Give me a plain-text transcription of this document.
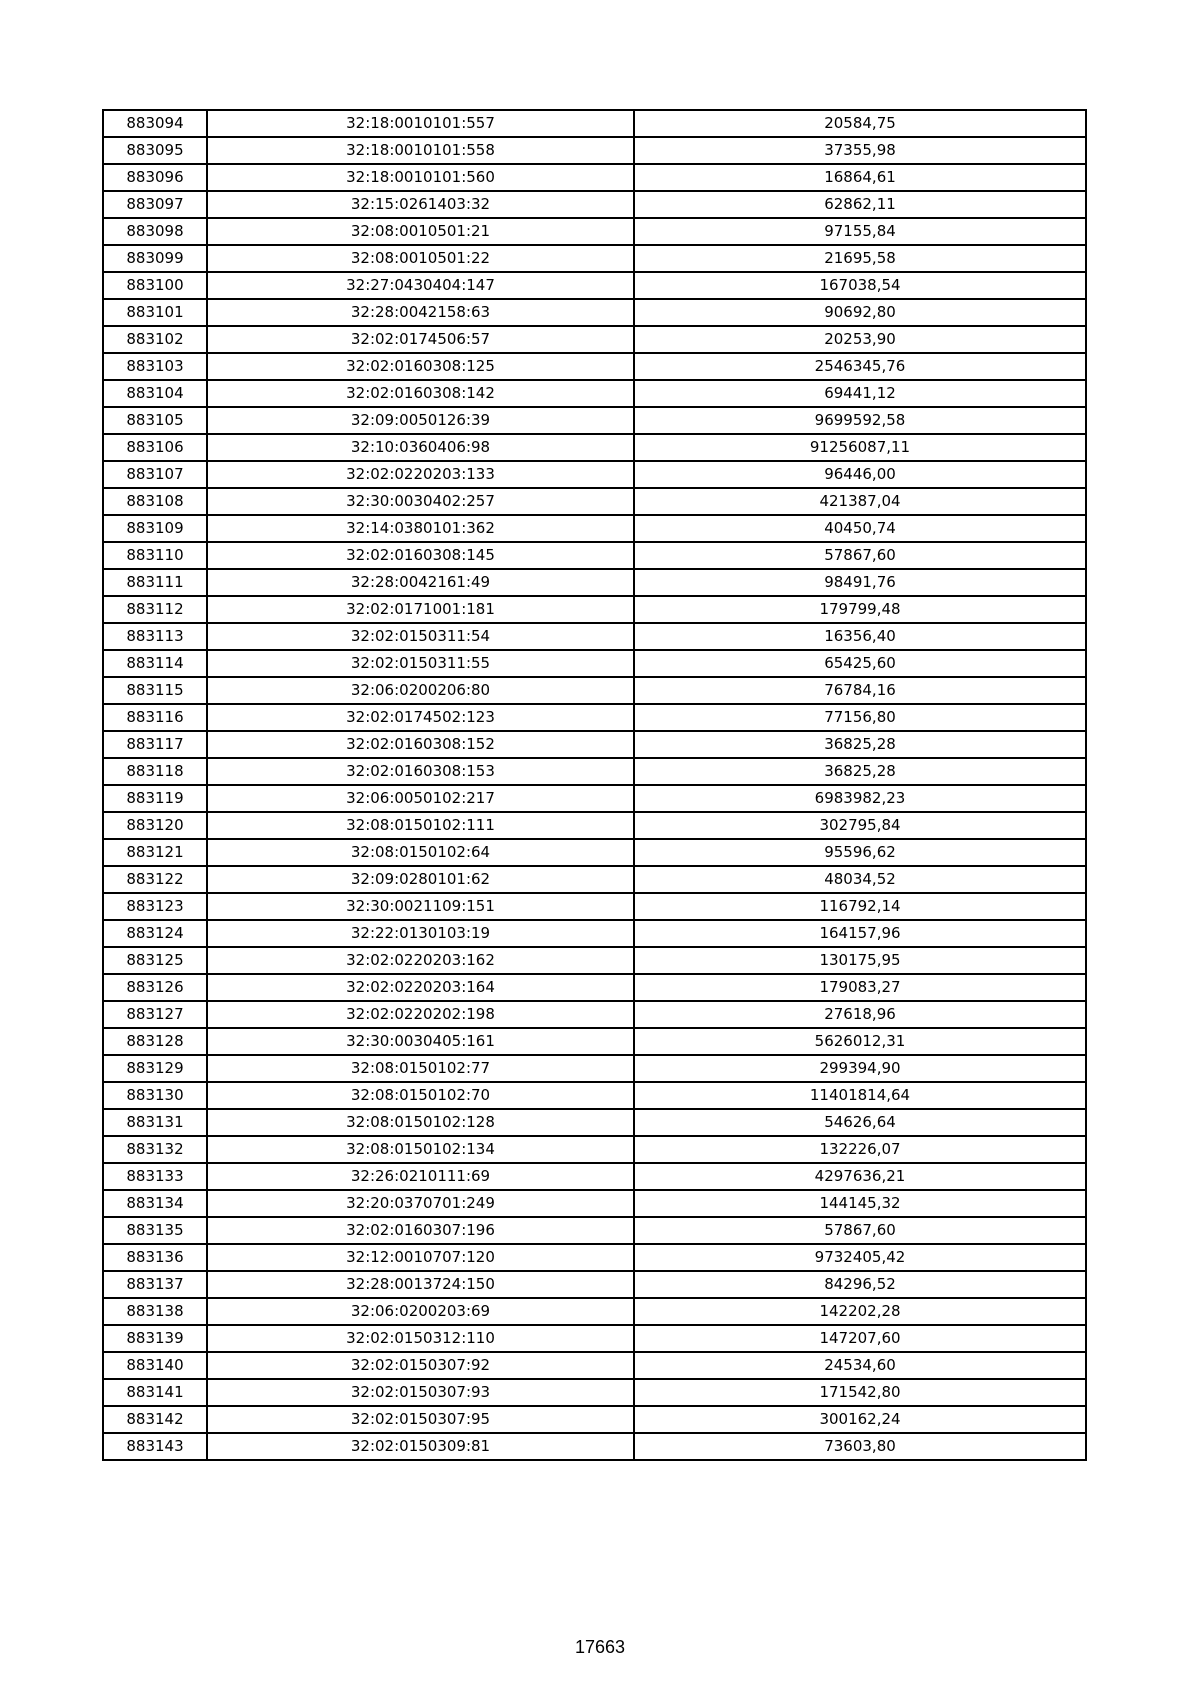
883094	32:18:0010101:557	20584,75
883095	32:18:0010101:558	37355,98
883096	32:18:0010101:560	16864,61
883097	32:15:0261403:32	62862,11
883098	32:08:0010501:21	97155,84
883099	32:08:0010501:22	21695,58
883100	32:27:0430404:147	167038,54
883101	32:28:0042158:63	90692,80
883102	32:02:0174506:57	20253,90
883103	32:02:0160308:125	2546345,76
883104	32:02:0160308:142	69441,12
883105	32:09:0050126:39	9699592,58
883106	32:10:0360406:98	91256087,11
883107	32:02:0220203:133	96446,00
883108	32:30:0030402:257	421387,04
883109	32:14:0380101:362	40450,74
883110	32:02:0160308:145	57867,60
883111	32:28:0042161:49	98491,76
883112	32:02:0171001:181	179799,48
883113	32:02:0150311:54	16356,40
883114	32:02:0150311:55	65425,60
883115	32:06:0200206:80	76784,16
883116	32:02:0174502:123	77156,80
883117	32:02:0160308:152	36825,28
883118	32:02:0160308:153	36825,28
883119	32:06:0050102:217	6983982,23
883120	32:08:0150102:111	302795,84
883121	32:08:0150102:64	95596,62
883122	32:09:0280101:62	48034,52
883123	32:30:0021109:151	116792,14
883124	32:22:0130103:19	164157,96
883125	32:02:0220203:162	130175,95
883126	32:02:0220203:164	179083,27
883127	32:02:0220202:198	27618,96
883128	32:30:0030405:161	5626012,31
883129	32:08:0150102:77	299394,90
883130	32:08:0150102:70	11401814,64
883131	32:08:0150102:128	54626,64
883132	32:08:0150102:134	132226,07
883133	32:26:0210111:69	4297636,21
883134	32:20:0370701:249	144145,32
883135	32:02:0160307:196	57867,60
883136	32:12:0010707:120	9732405,42
883137	32:28:0013724:150	84296,52
883138	32:06:0200203:69	142202,28
883139	32:02:0150312:110	147207,60
883140	32:02:0150307:92	24534,60
883141	32:02:0150307:93	171542,80
883142	32:02:0150307:95	300162,24
883143	32:02:0150309:81	73603,80
17663
